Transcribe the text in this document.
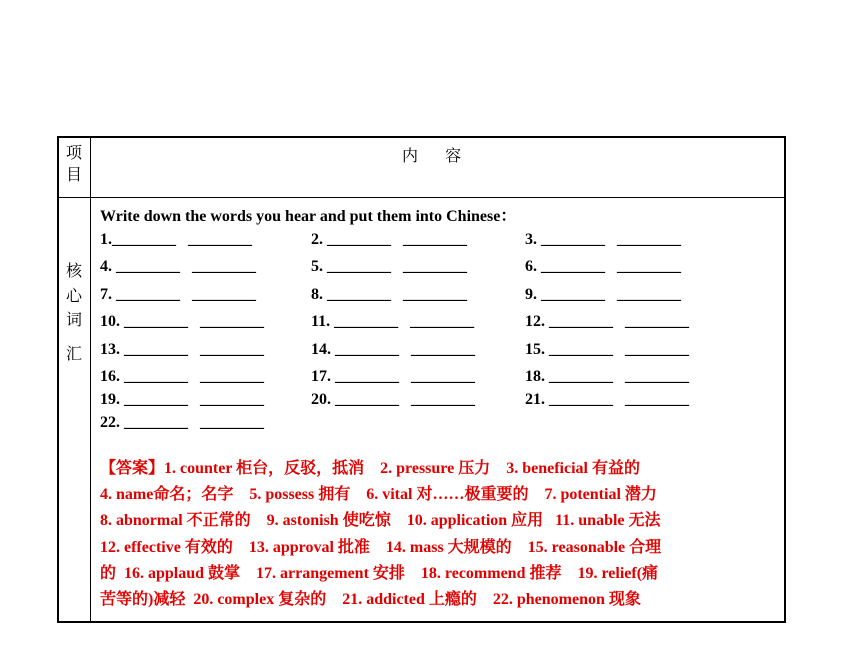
项
目
内 容
核
心
词
汇
Write down the words you hear and put them into Chinese：
1.________   ________	2. ________   ________	3. ________   ________
4. ________   ________	5. ________   ________	6. ________   ________
7. ________   ________	8. ________   ________	9. ________   ________
10. ________   ________	11. ________   ________	12. ________   ________
13. ________   ________	14. ________   ________	15. ________   ________
16. ________   ________	17. ________   ________	18. ________   ________
19. ________   ________	20. ________   ________	21. ________   ________
22. ________   ________
【答案】1. counter 柜台，反驳，抵消    2. pressure 压力    3. beneficial 有益的
4. name命名；名字    5. possess 拥有    6. vital 对……极重要的    7. potential 潜力
8. abnormal 不正常的    9. astonish 使吃惊    10. application 应用   11. unable 无法
12. effective 有效的    13. approval 批准    14. mass 大规模的    15. reasonable 合理
的  16. applaud 鼓掌    17. arrangement 安排    18. recommend 推荐    19. relief(痛
苦等的)减轻  20. complex 复杂的    21. addicted 上瘾的    22. phenomenon 现象
